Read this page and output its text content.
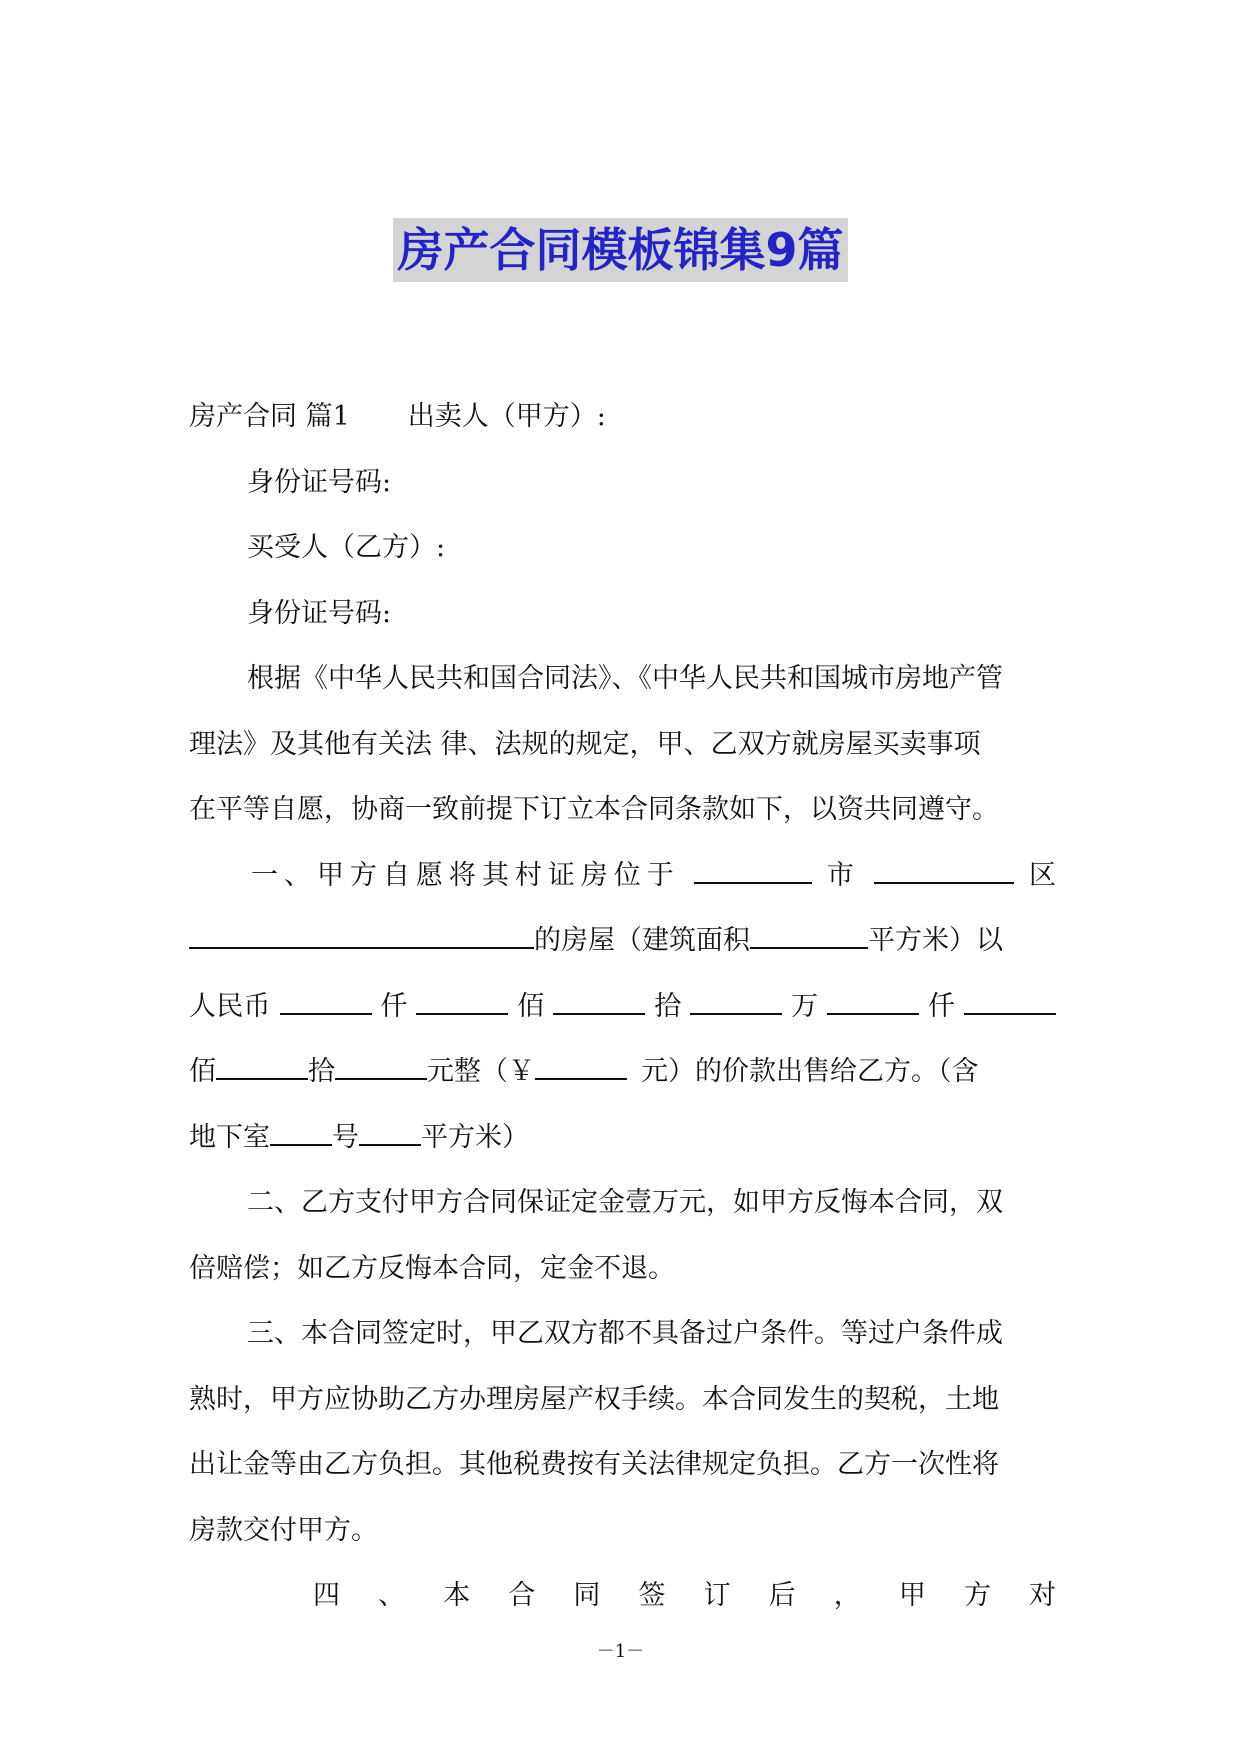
房产合同模板锦集9篇
房产合同 篇1 出卖人（甲方）:
身份证号码:
买受人（乙方）:
身份证号码:
根据《中华人民共和国合同法》、《中华人民共和国城市房地产管
理法》及其他有关法 律、法规的规定，甲、乙双方就房屋买卖事项
在平等自愿，协商一致前提下订立本合同条款如下，以资共同遵守。
一、甲方自愿将其村证房位于	市	区
的房屋（建筑面积	平方米）以
人民币	仟	佰	拾	万	仟
佰	拾	元整（￥	元）的价款出售给乙方。（含
地下室 号 平方米）
二、乙方支付甲方合同保证定金壹万元，如甲方反悔本合同，双
倍赔偿；如乙方反悔本合同，定金不退。
三、本合同签定时，甲乙双方都不具备过户条件。等过户条件成
熟时，甲方应协助乙方办理房屋产权手续。本合同发生的契税，土地
出让金等由乙方负担。其他税费按有关法律规定负担。乙方一次性将
房款交付甲方。
四 、 本 合 同 签 订 后 ， 甲 方 对
－1－
